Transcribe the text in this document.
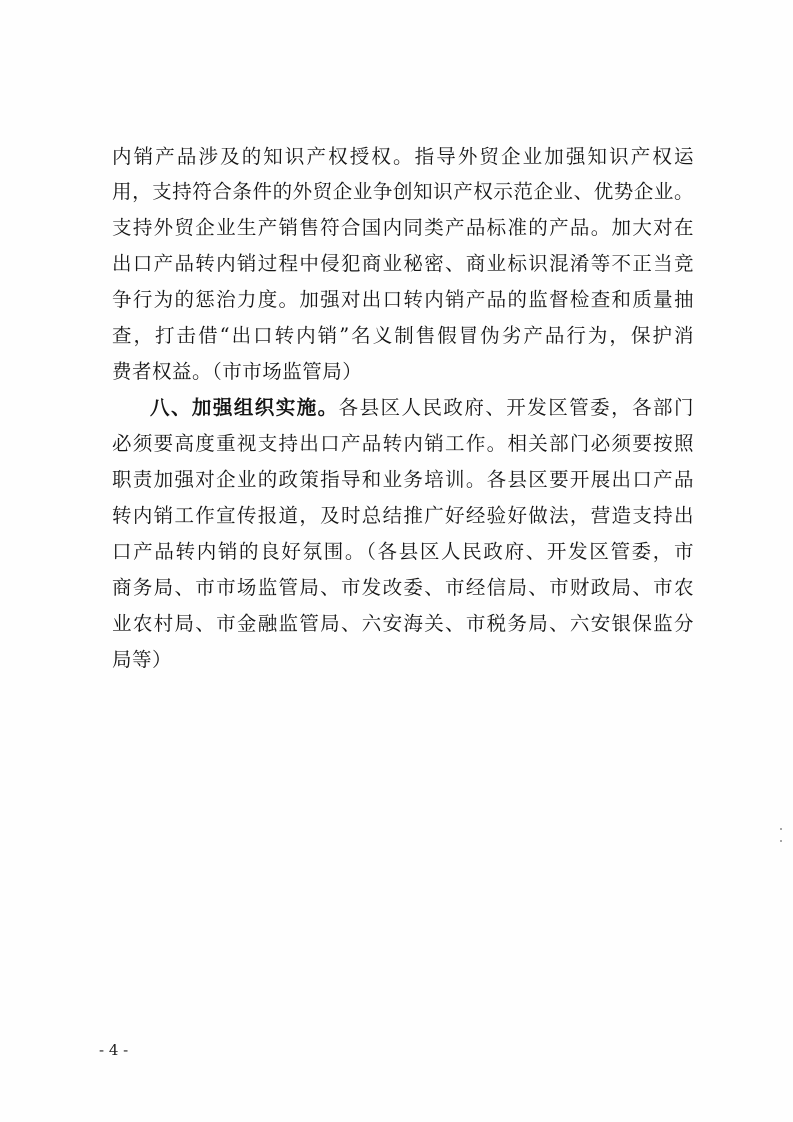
内销产品涉及的知识产权授权。指导外贸企业加强知识产权运
用，支持符合条件的外贸企业争创知识产权示范企业、优势企业。
支持外贸企业生产销售符合国内同类产品标准的产品。加大对在
出口产品转内销过程中侵犯商业秘密、商业标识混淆等不正当竞
争行为的惩治力度。加强对出口转内销产品的监督检查和质量抽
查，打击借“出口转内销”名义制售假冒伪劣产品行为，保护消
费者权益。（市市场监管局）
八、加强组织实施。各县区人民政府、开发区管委，各部门
必须要高度重视支持出口产品转内销工作。相关部门必须要按照
职责加强对企业的政策指导和业务培训。各县区要开展出口产品
转内销工作宣传报道，及时总结推广好经验好做法，营造支持出
口产品转内销的良好氛围。（各县区人民政府、开发区管委，市
商务局、市市场监管局、市发改委、市经信局、市财政局、市农
业农村局、市金融监管局、六安海关、市税务局、六安银保监分
局等）
- 4 -
